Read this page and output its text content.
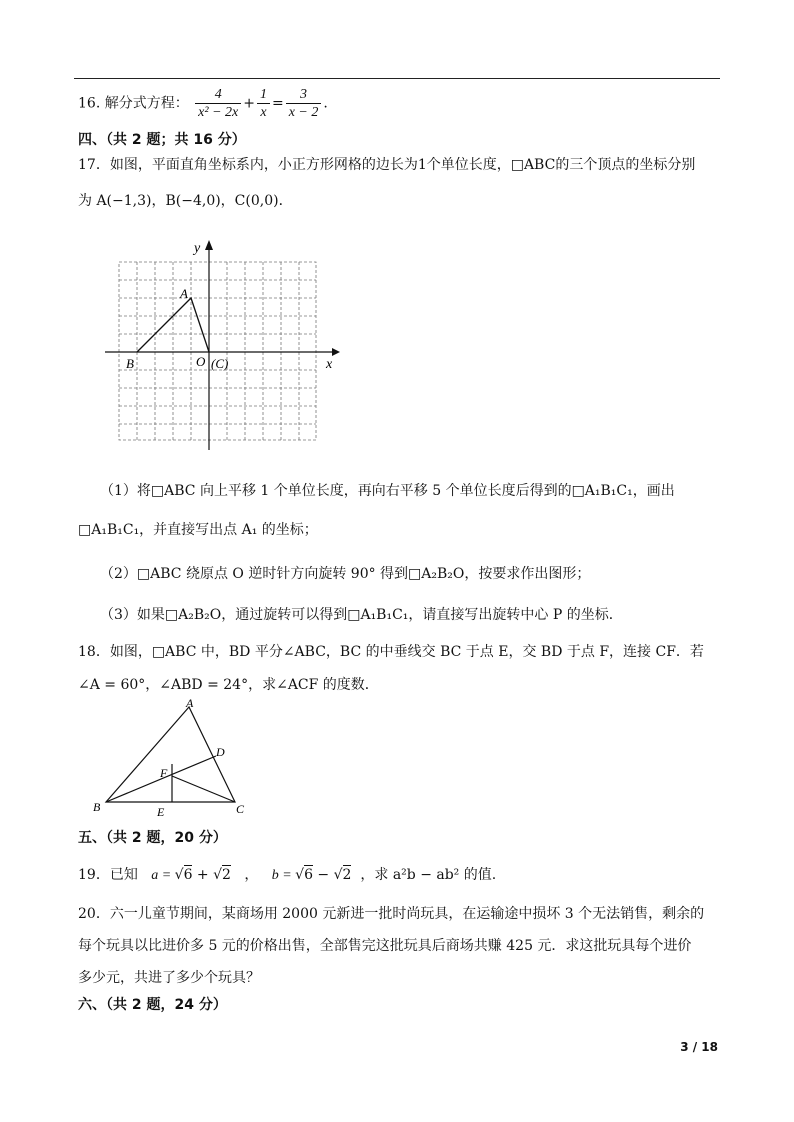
16. 解分式方程： $\frac{4}{\text{x² − 2x}} + \frac{1}{x} = \frac{3}{x - 2}$ .
四、（共 2 题；共 16 分）
17．如图，平面直角坐标系内，小正方形网格的边长为1个单位长度，□ABC的三个顶点的坐标分别
为 A(−1,3)，B(−4,0)，C(0,0)．
y
x
A
B	O (C)
（1）将□ABC 向上平移 1 个单位长度，再向右平移 5 个单位长度后得到的□A₁B₁C₁，画出
□A₁B₁C₁，并直接写出点 A₁ 的坐标；
（2）□ABC 绕原点 O 逆时针方向旋转 90° 得到□A₂B₂O，按要求作出图形；
（3）如果□A₂B₂O，通过旋转可以得到□A₁B₁C₁，请直接写出旋转中心 P 的坐标．
18．如图，□ABC 中，BD 平分∠ABC，BC 的中垂线交 BC 于点 E，交 BD 于点 F，连接 CF．若
∠A = 60°，∠ABD = 24°，求∠ACF 的度数．
A
B	C
D
E
F
五、（共 2 题，20 分）
19．已知 a = √6 + √2 ， b = √6 − √2 ，求 a²b − ab² 的值.
20．六一儿童节期间，某商场用 2000 元新进一批时尚玩具，在运输途中损坏 3 个无法销售，剩余的
每个玩具以比进价多 5 元的价格出售，全部售完这批玩具后商场共赚 425 元．求这批玩具每个进价
多少元，共进了多少个玩具？
六、（共 2 题，24 分）
3 / 18
